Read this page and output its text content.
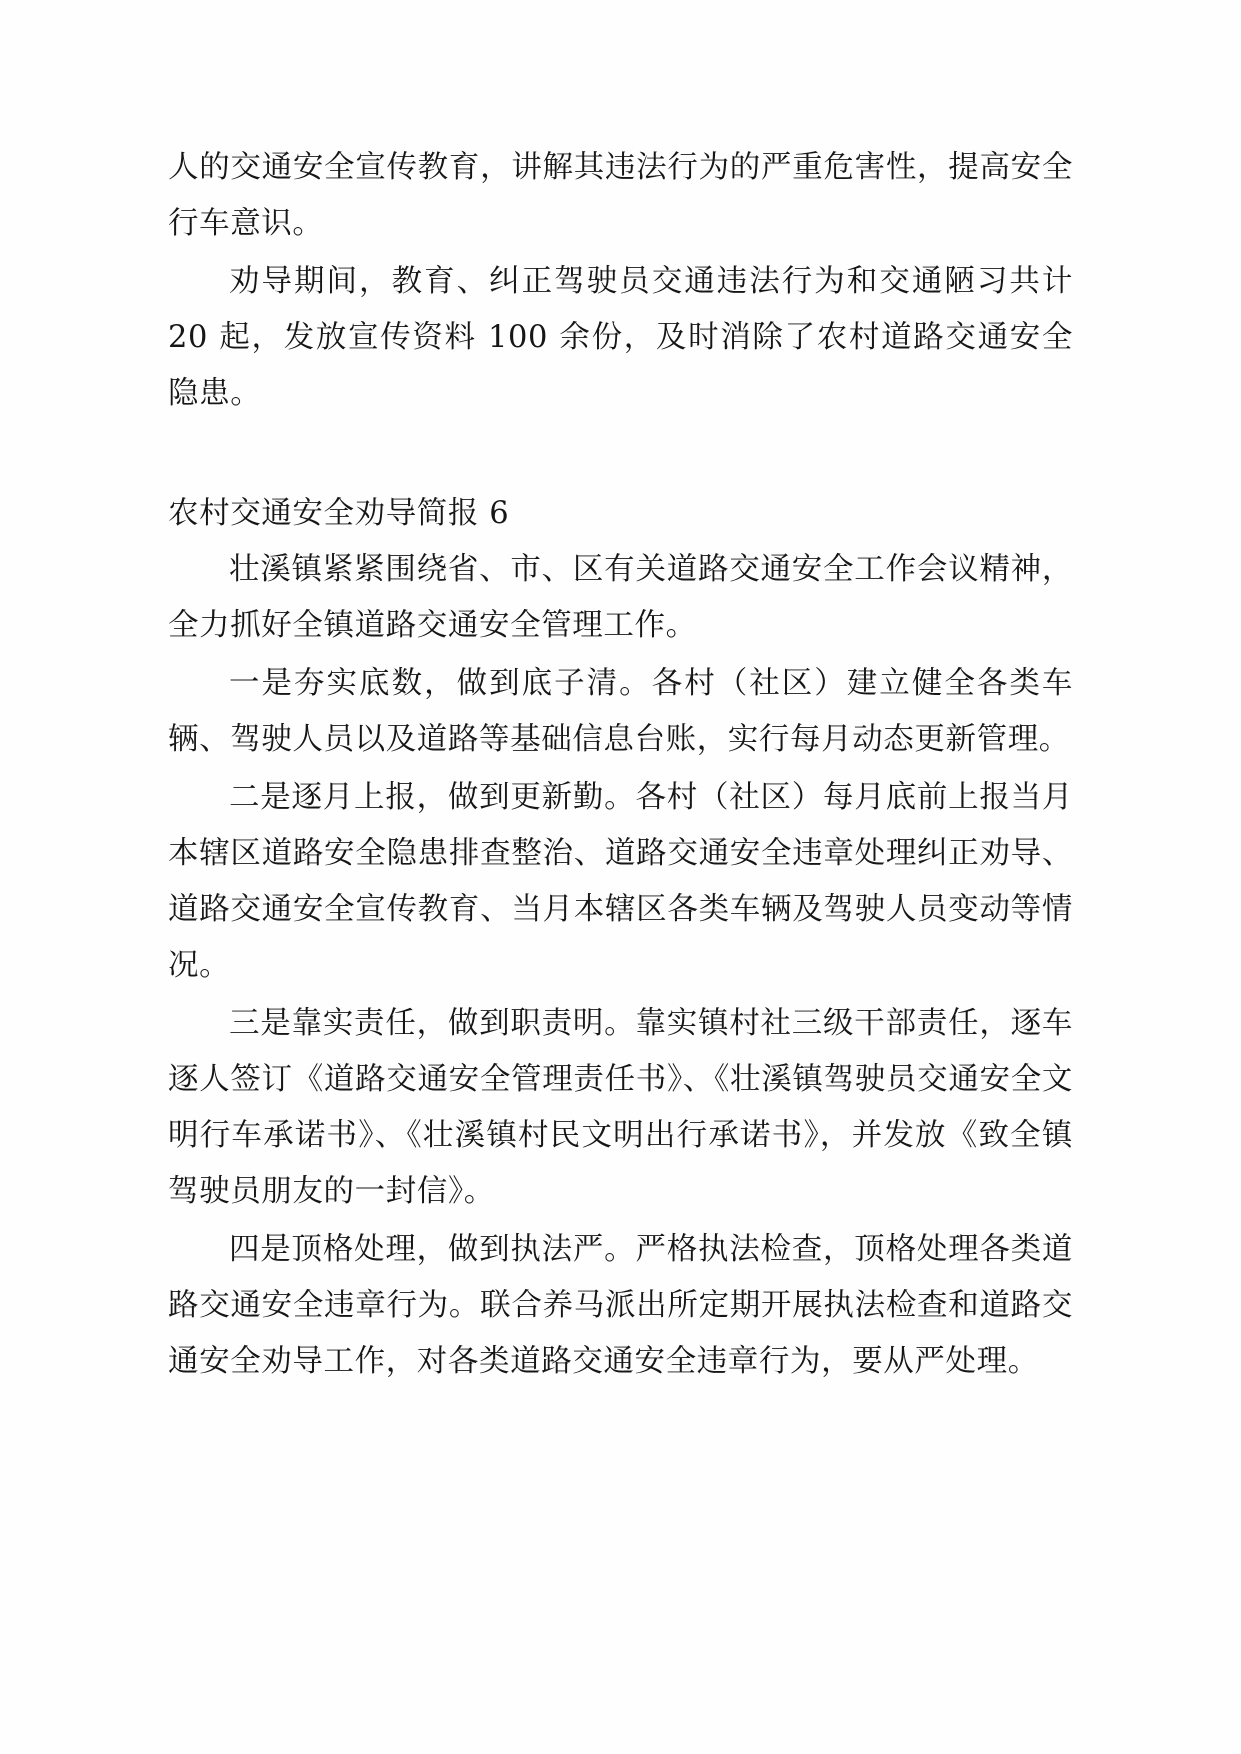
人的交通安全宣传教育，讲解其违法行为的严重危害性，提高安全行车意识。

劝导期间，教育、纠正驾驶员交通违法行为和交通陋习共计 20 起，发放宣传资料 100 余份，及时消除了农村道路交通安全隐患。

农村交通安全劝导简报 6

壮溪镇紧紧围绕省、市、区有关道路交通安全工作会议精神，全力抓好全镇道路交通安全管理工作。

一是夯实底数，做到底子清。各村（社区）建立健全各类车辆、驾驶人员以及道路等基础信息台账，实行每月动态更新管理。

二是逐月上报，做到更新勤。各村（社区）每月底前上报当月本辖区道路安全隐患排查整治、道路交通安全违章处理纠正劝导、道路交通安全宣传教育、当月本辖区各类车辆及驾驶人员变动等情况。

三是靠实责任，做到职责明。靠实镇村社三级干部责任，逐车逐人签订《道路交通安全管理责任书》、《壮溪镇驾驶员交通安全文明行车承诺书》、《壮溪镇村民文明出行承诺书》，并发放《致全镇驾驶员朋友的一封信》。

四是顶格处理，做到执法严。严格执法检查，顶格处理各类道路交通安全违章行为。联合养马派出所定期开展执法检查和道路交通安全劝导工作，对各类道路交通安全违章行为，要从严处理。
